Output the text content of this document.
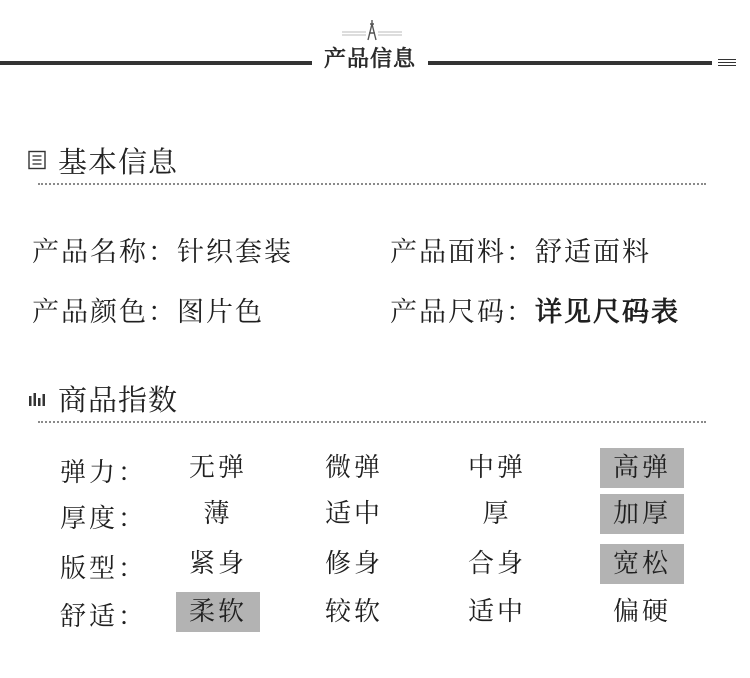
产品信息
基本信息
产品名称：针织套装	产品面料：舒适面料
产品颜色：图片色	产品尺码：详见尺码表
商品指数
弹力：	无弹	微弹	中弹	高弹
厚度：	薄	适中	厚	加厚
版型：	紧身	修身	合身	宽松
舒适：	柔软	较软	适中	偏硬
